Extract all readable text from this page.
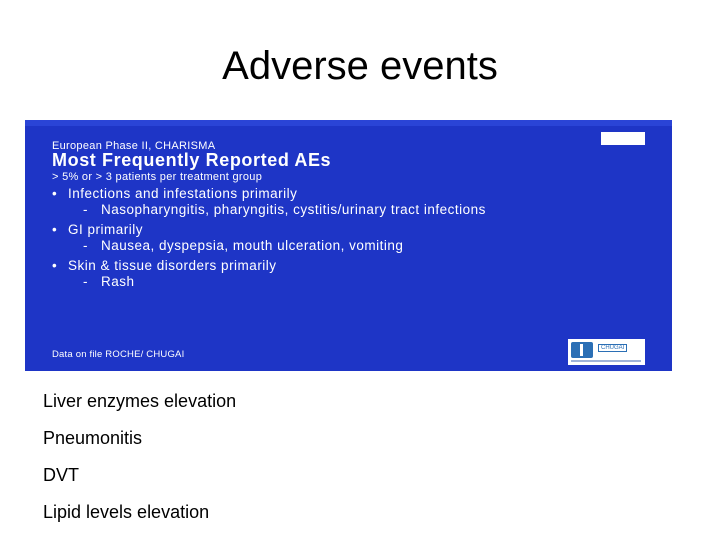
Adverse events
European Phase II, CHARISMA
Most Frequently Reported AEs
> 5% or > 3 patients per treatment group
• Infections and infestations primarily
- Nasopharyngitis, pharyngitis, cystitis/urinary tract infections
• GI primarily
- Nausea, dyspepsia, mouth ulceration, vomiting
• Skin & tissue disorders primarily
- Rash
Data on file ROCHE/ CHUGAI
CHUGAI
Liver enzymes elevation
Pneumonitis
DVT
Lipid levels elevation
